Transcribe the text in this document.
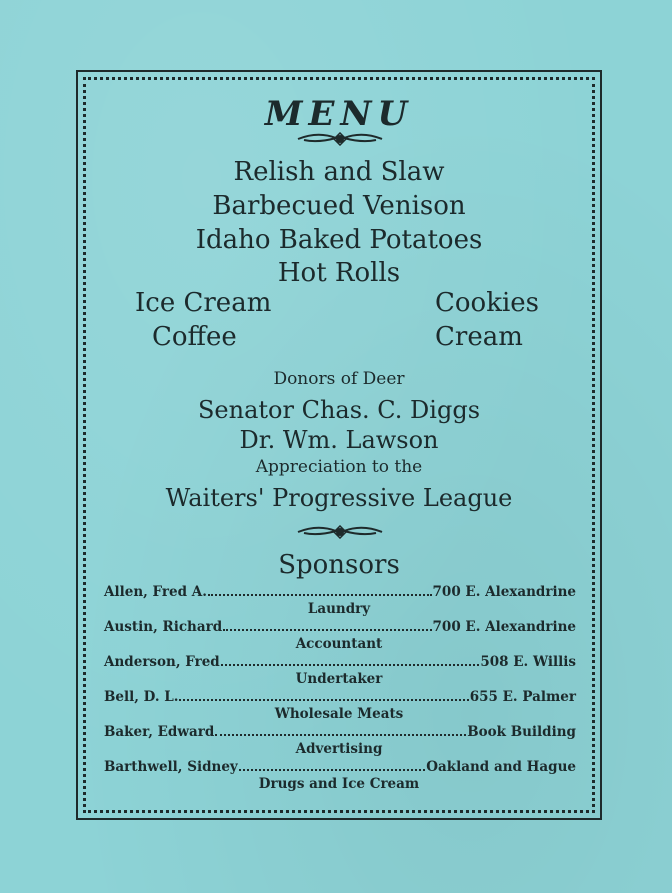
MENU
Relish and Slaw
Barbecued Venison
Idaho Baked Potatoes
Hot Rolls
Ice Cream
Coffee
Cookies
Cream
Donors of Deer
Senator Chas. C. Diggs
Dr. Wm. Lawson
Appreciation to the
Waiters' Progressive League
Sponsors
Allen, Fred A.	700 E. Alexandrine
Laundry
Austin, Richard	700 E. Alexandrine
Accountant
Anderson, Fred	508 E. Willis
Undertaker
Bell, D. L.	655 E. Palmer
Wholesale Meats
Baker, Edward	Book Building
Advertising
Barthwell, Sidney	Oakland and Hague
Drugs and Ice Cream
